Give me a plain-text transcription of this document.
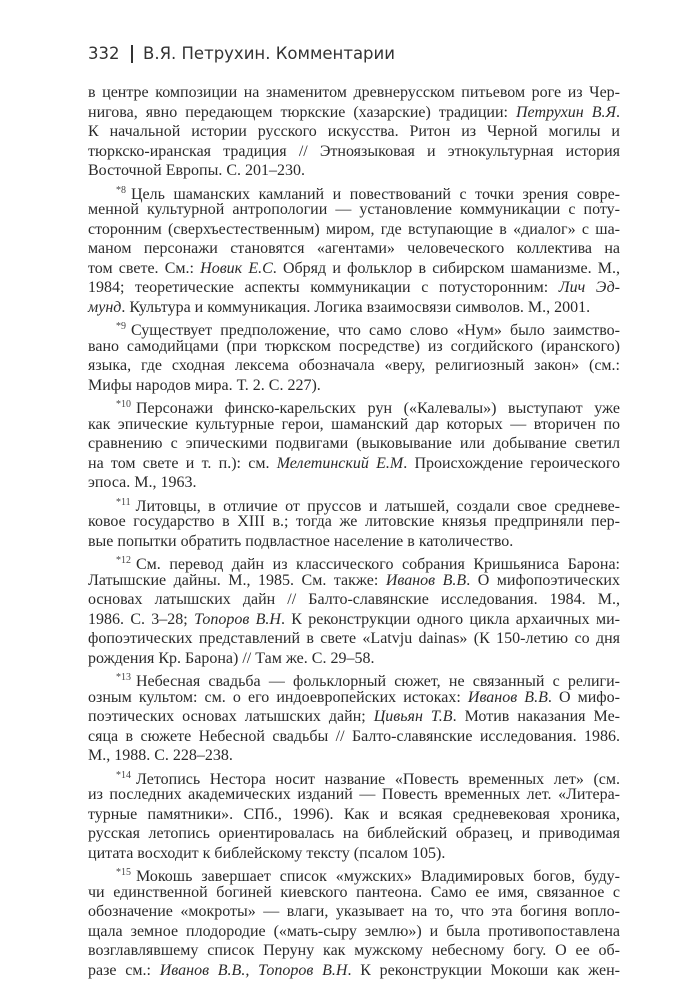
332 В.Я. Петрухин. Комментарии
в центре композиции на знаменитом древнерусском питьевом роге из Чер-
нигова, явно передающем тюркские (хазарские) традиции: Петрухин В.Я.
К начальной истории русского искусства. Ритон из Черной могилы и
тюркско-иранская традиция // Этноязыковая и этнокультурная история
Восточной Европы. С. 201–230.
$^{*8}$ Цель шаманских камланий и повествований с точки зрения совре-
менной культурной антропологии — установление коммуникации с поту-
сторонним (сверхъестественным) миром, где вступающие в «диалог» с ша-
маном персонажи становятся «агентами» человеческого коллектива на
том свете. См.: Новик Е.С. Обряд и фольклор в сибирском шаманизме. М.,
1984; теоретические аспекты коммуникации с потусторонним: Лич Эд-
мунд. Культура и коммуникация. Логика взаимосвязи символов. М., 2001.
$^{*9}$ Существует предположение, что само слово «Нум» было заимство-
вано самодийцами (при тюркском посредстве) из согдийского (иранского)
языка, где сходная лексема обозначала «веру, религиозный закон» (см.:
Мифы народов мира. Т. 2. С. 227).
$^{*10}$ Персонажи финско-карельских рун («Калевалы») выступают уже
как эпические культурные герои, шаманский дар которых — вторичен по
сравнению с эпическими подвигами (выковывание или добывание светил
на том свете и т. п.): см. Мелетинский Е.М. Происхождение героического
эпоса. М., 1963.
$^{*11}$ Литовцы, в отличие от пруссов и латышей, создали свое средневе-
ковое государство в XIII в.; тогда же литовские князья предприняли пер-
вые попытки обратить подвластное население в католичество.
$^{*12}$ См. перевод дайн из классического собрания Кришьяниса Барона:
Латышские дайны. М., 1985. См. также: Иванов В.В. О мифопоэтических
основах латышских дайн // Балто-славянские исследования. 1984. М.,
1986. С. 3–28; Топоров В.Н. К реконструкции одного цикла архаичных ми-
фопоэтических представлений в свете «Latvju dainas» (К 150-летию со дня
рождения Кр. Барона) // Там же. С. 29–58.
$^{*13}$ Небесная свадьба — фольклорный сюжет, не связанный с религи-
озным культом: см. о его индоевропейских истоках: Иванов В.В. О мифо-
поэтических основах латышских дайн; Цивьян Т.В. Мотив наказания Ме-
сяца в сюжете Небесной свадьбы // Балто-славянские исследования. 1986.
М., 1988. С. 228–238.
$^{*14}$ Летопись Нестора носит название «Повесть временных лет» (см.
из последних академических изданий — Повесть временных лет. «Литера-
турные памятники». СПб., 1996). Как и всякая средневековая хроника,
русская летопись ориентировалась на библейский образец, и приводимая
цитата восходит к библейскому тексту (псалом 105).
$^{*15}$ Мокошь завершает список «мужских» Владимировых богов, буду-
чи единственной богиней киевского пантеона. Само ее имя, связанное с
обозначение «мокроты» — влаги, указывает на то, что эта богиня вопло-
щала земное плодородие («мать-сыру землю») и была противопоставлена
возглавлявшему список Перуну как мужскому небесному богу. О ее об-
разе см.: Иванов В.В., Топоров В.Н. К реконструкции Мокоши как жен-
